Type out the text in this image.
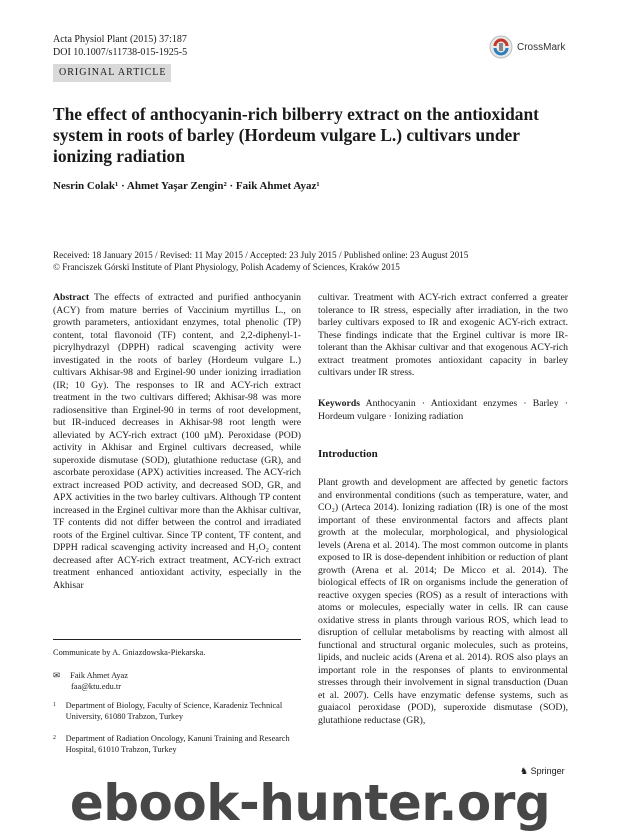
Acta Physiol Plant (2015) 37:187
DOI 10.1007/s11738-015-1925-5	CrossMark
ORIGINAL ARTICLE
The effect of anthocyanin-rich bilberry extract on the antioxidant system in roots of barley (Hordeum vulgare L.) cultivars under ionizing radiation
Nesrin Colak¹ · Ahmet Yaşar Zengin² · Faik Ahmet Ayaz¹
Received: 18 January 2015 / Revised: 11 May 2015 / Accepted: 23 July 2015 / Published online: 23 August 2015
© Franciszek Górski Institute of Plant Physiology, Polish Academy of Sciences, Kraków 2015
Abstract The effects of extracted and purified anthocyanin (ACY) from mature berries of Vaccinium myrtillus L., on growth parameters, antioxidant enzymes, total phenolic (TP) content, total flavonoid (TF) content, and 2,2-diphenyl-1-picrylhydrazyl (DPPH) radical scavenging activity were investigated in the roots of barley (Hordeum vulgare L.) cultivars Akhisar-98 and Erginel-90 under ionizing irradiation (IR; 10 Gy). The responses to IR and ACY-rich extract treatment in the two cultivars differed; Akhisar-98 was more radiosensitive than Erginel-90 in terms of root development, but IR-induced decreases in Akhisar-98 root length were alleviated by ACY-rich extract (100 µM). Peroxidase (POD) activity in Akhisar and Erginel cultivars decreased, while superoxide dismutase (SOD), glutathione reductase (GR), and ascorbate peroxidase (APX) activities increased. The ACY-rich extract increased POD activity, and decreased SOD, GR, and APX activities in the two barley cultivars. Although TP content increased in the Erginel cultivar more than the Akhisar cultivar, TF contents did not differ between the control and irradiated roots of the Erginel cultivar. Since TP content, TF content, and DPPH radical scavenging activity increased and H₂O₂ content decreased after ACY-rich extract treatment, ACY-rich extract treatment enhanced antioxidant activity, especially in the Akhisar
cultivar. Treatment with ACY-rich extract conferred a greater tolerance to IR stress, especially after irradiation, in the two barley cultivars exposed to IR and exogenic ACY-rich extract. These findings indicate that the Erginel cultivar is more IR-tolerant than the Akhisar cultivar and that exogenous ACY-rich extract treatment promotes antioxidant capacity in barley cultivars under IR stress.
Keywords Anthocyanin · Antioxidant enzymes · Barley · Hordeum vulgare · Ionizing radiation
Introduction
Plant growth and development are affected by genetic factors and environmental conditions (such as temperature, water, and CO₂) (Arteca 2014). Ionizing radiation (IR) is one of the most important of these environmental factors and affects plant growth at the molecular, morphological, and physiological levels (Arena et al. 2014). The most common outcome in plants exposed to IR is dose-dependent inhibition or reduction of plant growth (Arena et al. 2014; De Micco et al. 2014). The biological effects of IR on organisms include the generation of reactive oxygen species (ROS) as a result of interactions with atoms or molecules, especially water in cells. IR can cause oxidative stress in plants through various ROS, which lead to disruption of cellular metabolisms by reacting with almost all functional and structural organic molecules, such as proteins, lipids, and nucleic acids (Arena et al. 2014). ROS also plays an important role in the responses of plants to environmental stresses through their involvement in signal transduction (Duan et al. 2007). Cells have enzymatic defense systems, such as guaiacol peroxidase (POD), superoxide dismutase (SOD), glutathione reductase (GR),
Communicate by A. Gniazdowska-Piekarska.
✉ Faik Ahmet Ayaz
faa@ktu.edu.tr
1	Department of Biology, Faculty of Science, Karadeniz Technical University, 61080 Trabzon, Turkey
2	Department of Radiation Oncology, Kanuni Training and Research Hospital, 61010 Trabzon, Turkey
♞ Springer
ebook-hunter.org
